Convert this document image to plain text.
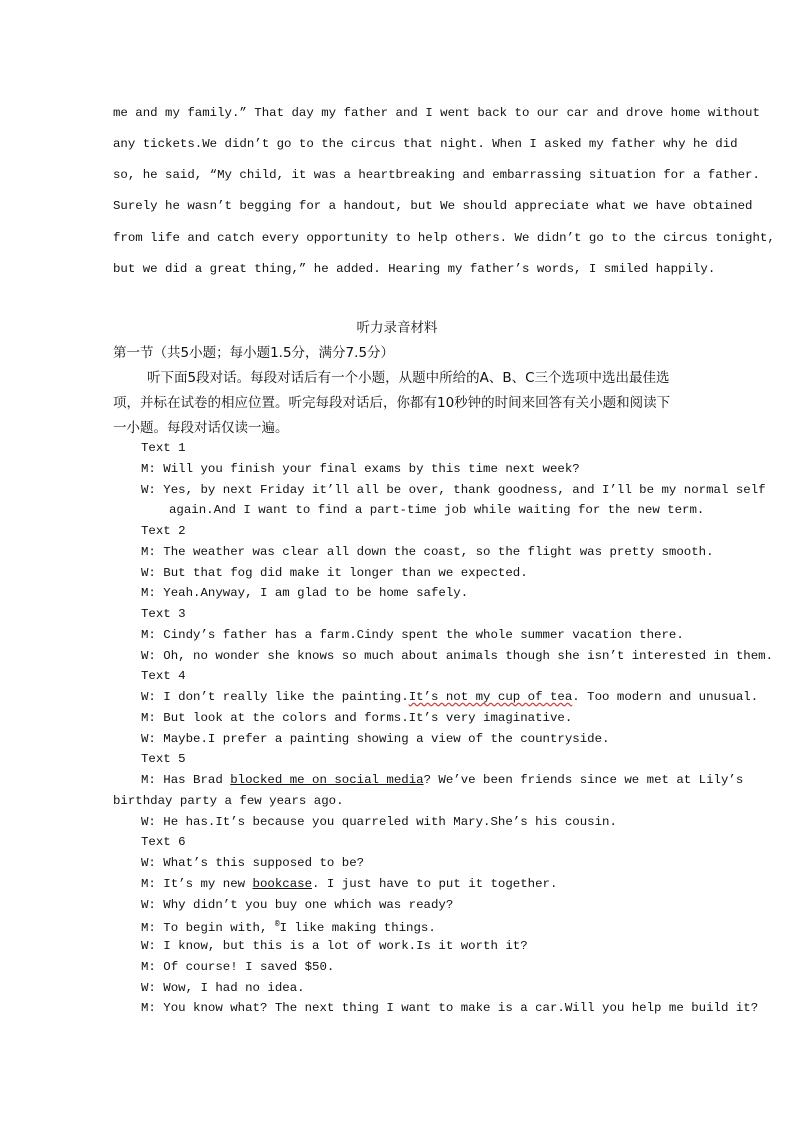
me and my family.” That day my father and I went back to our car and drove home without

any tickets.We didn’t go to the circus that night. When I asked my father why he did

so, he said, “My child, it was a heartbreaking and embarrassing situation for a father.

Surely he wasn’t begging for a handout, but We should appreciate what we have obtained

from life and catch every opportunity to help others. We didn’t go to the circus tonight,

but we did a great thing,” he added. Hearing my father’s words, I smiled happily.

听力录音材料
第一节（共5小题；每小题1.5分，满分7.5分）
听下面5段对话。每段对话后有一个小题，从题中所给的A、B、C三个选项中选出最佳选
项，并标在试卷的相应位置。听完每段对话后，你都有10秒钟的时间来回答有关小题和阅读下
一小题。每段对话仅读一遍。
Text 1
M: Will you finish your final exams by this time next week?
W: Yes, by next Friday it’ll all be over, thank goodness, and I’ll be my normal self
again.And I want to find a part-time job while waiting for the new term.
Text 2
M: The weather was clear all down the coast, so the flight was pretty smooth.
W: But that fog did make it longer than we expected.
M: Yeah.Anyway, I am glad to be home safely.
Text 3
M: Cindy’s father has a farm.Cindy spent the whole summer vacation there.
W: Oh, no wonder she knows so much about animals though she isn’t interested in them.
Text 4
W: I don’t really like the painting.It’s not my cup of tea. Too modern and unusual.
M: But look at the colors and forms.It’s very imaginative.
W: Maybe.I prefer a painting showing a view of the countryside.
Text 5
M: Has Brad blocked me on social media? We’ve been friends since we met at Lily’s
birthday party a few years ago.
W: He has.It’s because you quarreled with Mary.She’s his cousin.
Text 6
W: What’s this supposed to be?
M: It’s my new bookcase. I just have to put it together.
W: Why didn’t you buy one which was ready?
M: To begin with, ®I like making things.
W: I know, but this is a lot of work.Is it worth it?
M: Of course! I saved $50.
W: Wow, I had no idea.
M: You know what? The next thing I want to make is a car.Will you help me build it?
